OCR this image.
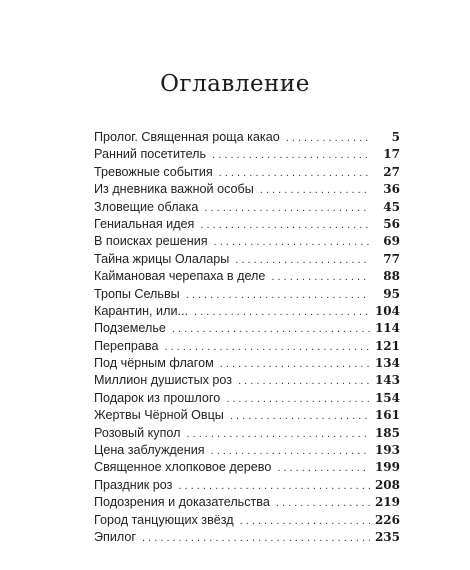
Оглавление
Пролог. Священная роща какао . . .	5
Ранний посетитель . . .	17
Тревожные события . . .	27
Из дневника важной особы . . .	36
Зловещие облака . . .	45
Гениальная идея . . .	56
В поисках решения . . .	69
Тайна жрицы Олалары . . .	77
Каймановая черепаха в деле . . .	88
Тропы Сельвы . . .	95
Карантин, или... . . .	104
Подземелье . . .	114
Переправа . . .	121
Под чёрным флагом . . .	134
Миллион душистых роз . . .	143
Подарок из прошлого . . .	154
Жертвы Чёрной Овцы . . .	161
Розовый купол . . .	185
Цена заблуждения . . .	193
Священное хлопковое дерево . . .	199
Праздник роз . . .	208
Подозрения и доказательства . . .	219
Город танцующих звёзд . . .	226
Эпилог . . .	235
